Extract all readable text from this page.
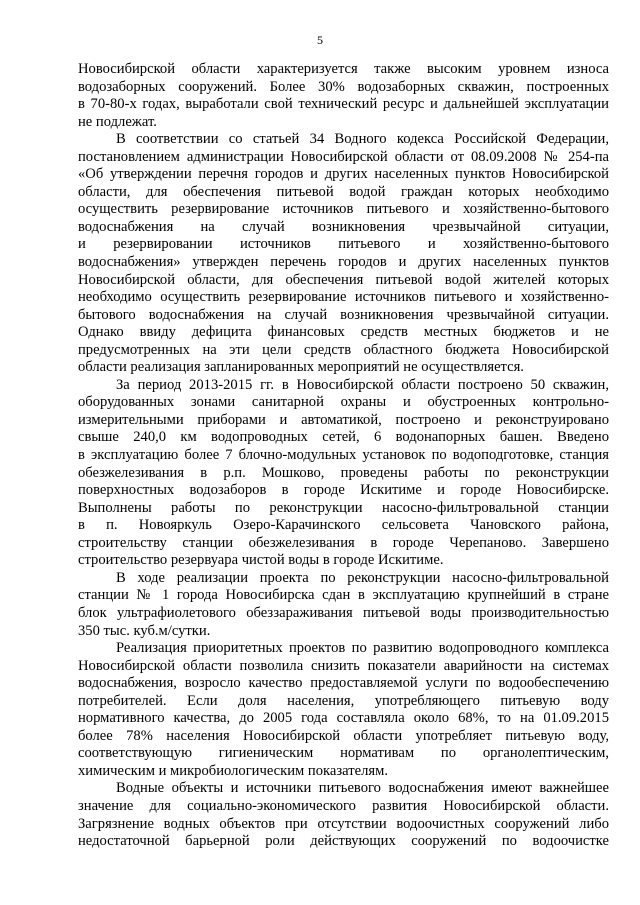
5
Новосибирской области характеризуется также высоким уровнем износа
водозаборных сооружений. Более 30% водозаборных скважин, построенных
в 70-80-х годах, выработали свой технический ресурс и дальнейшей эксплуатации
не подлежат.
В соответствии со статьей 34 Водного кодекса Российской Федерации,
постановлением администрации Новосибирской области от 08.09.2008 № 254-па
«Об утверждении перечня городов и других населенных пунктов Новосибирской
области, для обеспечения питьевой водой граждан которых необходимо
осуществить резервирование источников питьевого и хозяйственно-бытового
водоснабжения на случай возникновения чрезвычайной ситуации,
и резервировании источников питьевого и хозяйственно-бытового
водоснабжения» утвержден перечень городов и других населенных пунктов
Новосибирской области, для обеспечения питьевой водой жителей которых
необходимо осуществить резервирование источников питьевого и хозяйственно-
бытового водоснабжения на случай возникновения чрезвычайной ситуации.
Однако ввиду дефицита финансовых средств местных бюджетов и не
предусмотренных на эти цели средств областного бюджета Новосибирской
области реализация запланированных мероприятий не осуществляется.
За период 2013-2015 гг. в Новосибирской области построено 50 скважин,
оборудованных зонами санитарной охраны и обустроенных контрольно-
измерительными приборами и автоматикой, построено и реконструировано
свыше 240,0 км водопроводных сетей, 6 водонапорных башен. Введено
в эксплуатацию более 7 блочно-модульных установок по водоподготовке, станция
обезжелезивания в р.п. Мошково, проведены работы по реконструкции
поверхностных водозаборов в городе Искитиме и городе Новосибирске.
Выполнены работы по реконструкции насосно-фильтровальной станции
в п. Новояркуль Озеро-Карачинского сельсовета Чановского района,
строительству станции обезжелезивания в городе Черепаново. Завершено
строительство резервуара чистой воды в городе Искитиме.
В ходе реализации проекта по реконструкции насосно-фильтровальной
станции № 1 города Новосибирска сдан в эксплуатацию крупнейший в стране
блок ультрафиолетового обеззараживания питьевой воды производительностью
350 тыс. куб.м/сутки.
Реализация приоритетных проектов по развитию водопроводного комплекса
Новосибирской области позволила снизить показатели аварийности на системах
водоснабжения, возросло качество предоставляемой услуги по водообеспечению
потребителей. Если доля населения, употребляющего питьевую воду
нормативного качества, до 2005 года составляла около 68%, то на 01.09.2015
более 78% населения Новосибирской области употребляет питьевую воду,
соответствующую гигиеническим нормативам по органолептическим,
химическим и микробиологическим показателям.
Водные объекты и источники питьевого водоснабжения имеют важнейшее
значение для социально-экономического развития Новосибирской области.
Загрязнение водных объектов при отсутствии водоочистных сооружений либо
недостаточной барьерной роли действующих сооружений по водоочистке
